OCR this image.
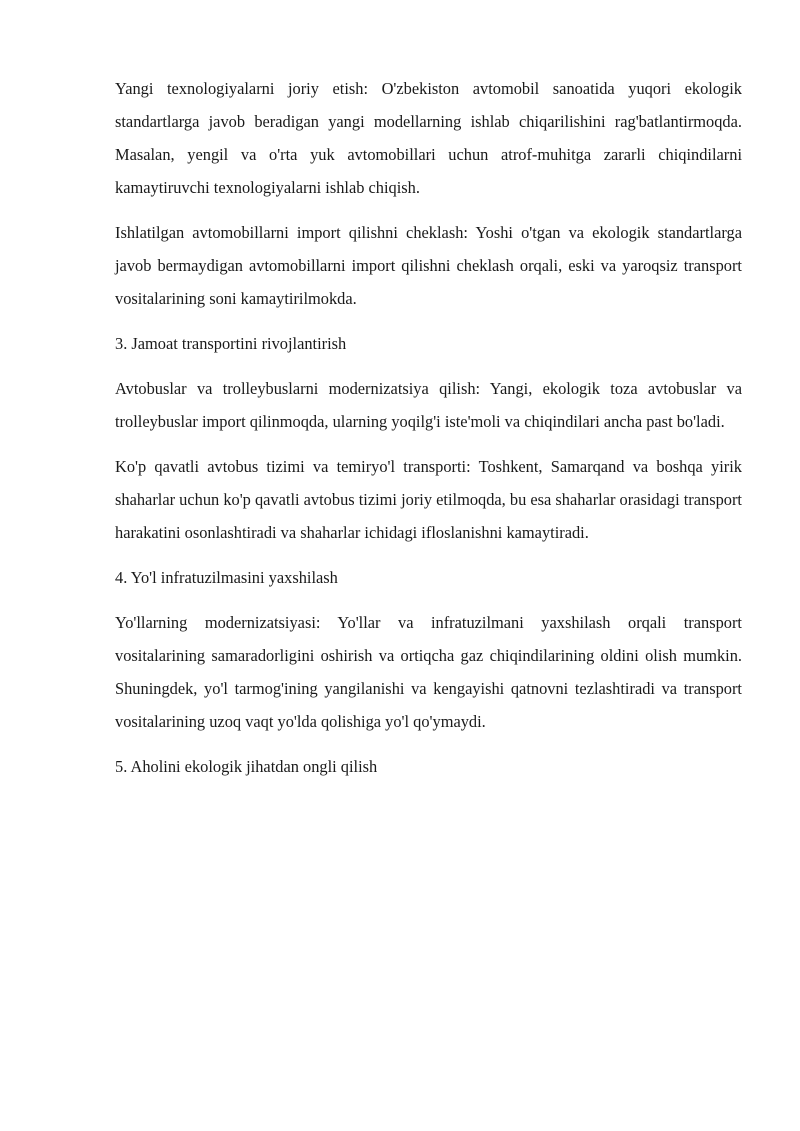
Yangi texnologiyalarni joriy etish: O'zbekiston avtomobil sanoatida yuqori ekologik standartlarga javob beradigan yangi modellarning ishlab chiqarilishini rag'batlantirmoqda. Masalan, yengil va o'rta yuk avtomobillari uchun atrof-muhitga zararli chiqindilarni kamaytiruvchi texnologiyalarni ishlab chiqish.

Ishlatilgan avtomobillarni import qilishni cheklash: Yoshi o'tgan va ekologik standartlarga javob bermaydigan avtomobillarni import qilishni cheklash orqali, eski va yaroqsiz transport vositalarining soni kamaytirilmokda.

3. Jamoat transportini rivojlantirish

Avtobuslar va trolleybuslarni modernizatsiya qilish: Yangi, ekologik toza avtobuslar va trolleybuslar import qilinmoqda, ularning yoqilg'i iste'moli va chiqindilari ancha past bo'ladi.

Ko'p qavatli avtobus tizimi va temiryo'l transporti: Toshkent, Samarqand va boshqa yirik shaharlar uchun ko'p qavatli avtobus tizimi joriy etilmoqda, bu esa shaharlar orasidagi transport harakatini osonlashtiradi va shaharlar ichidagi ifloslanishni kamaytiradi.

4. Yo'l infratuzilmasini yaxshilash

Yo'llarning modernizatsiyasi: Yo'llar va infratuzilmani yaxshilash orqali transport vositalarining samaradorligini oshirish va ortiqcha gaz chiqindilarining oldini olish mumkin. Shuningdek, yo'l tarmog'ining yangilanishi va kengayishi qatnovni tezlashtiradi va transport vositalarining uzoq vaqt yo'lda qolishiga yo'l qo'ymaydi.

5. Aholini ekologik jihatdan ongli qilish
